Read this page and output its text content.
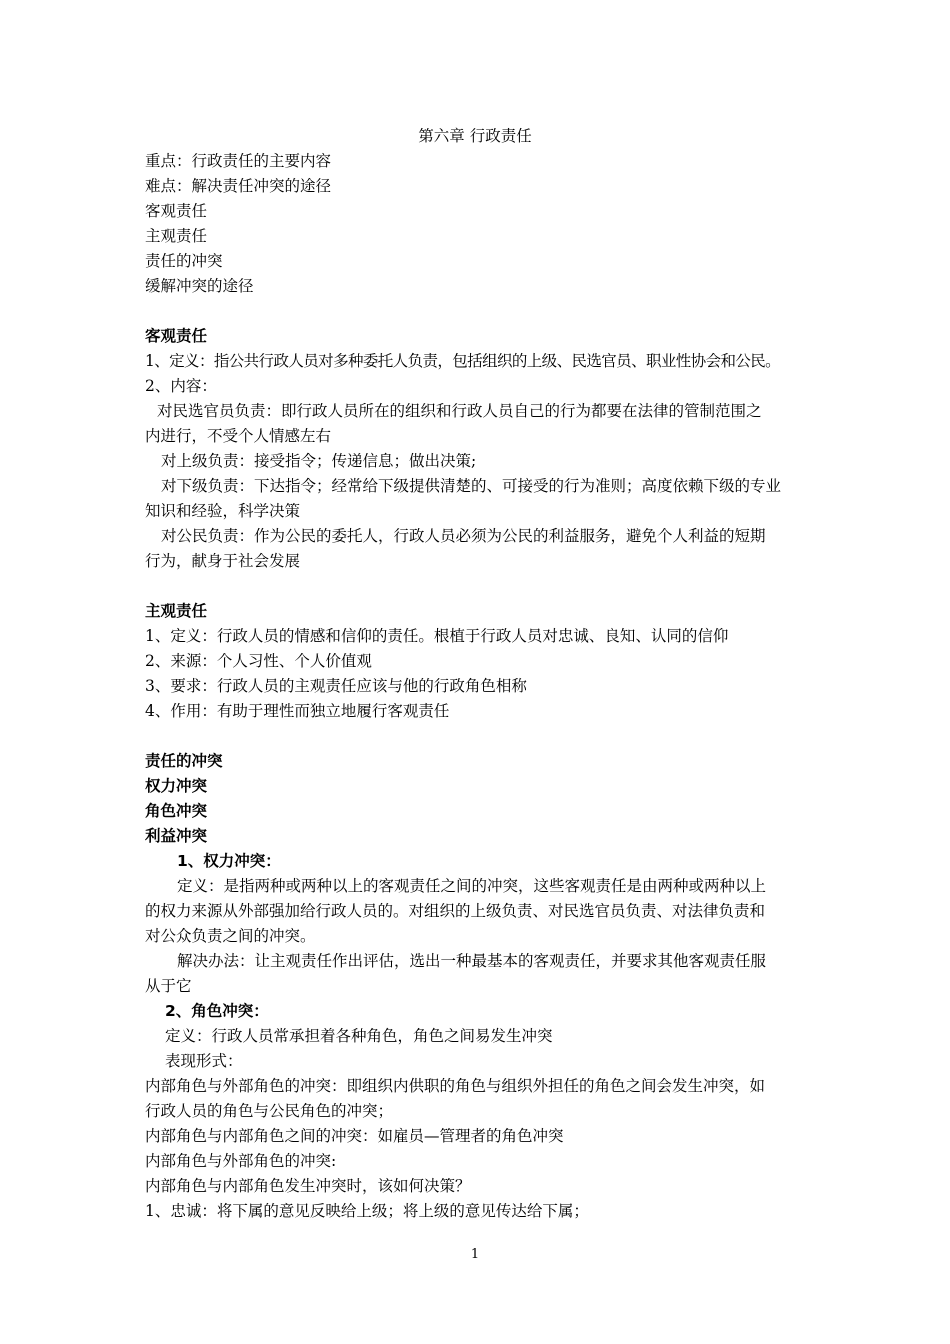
第六章 行政责任
重点：行政责任的主要内容
难点：解决责任冲突的途径
客观责任
主观责任
责任的冲突
缓解冲突的途径
客观责任
1、定义：指公共行政人员对多种委托人负责，包括组织的上级、民选官员、职业性协会和公民。
2、内容：
对民选官员负责：即行政人员所在的组织和行政人员自己的行为都要在法律的管制范围之
内进行，不受个人情感左右
对上级负责：接受指令；传递信息；做出决策;
对下级负责：下达指令；经常给下级提供清楚的、可接受的行为准则；高度依赖下级的专业
知识和经验，科学决策
对公民负责：作为公民的委托人，行政人员必须为公民的利益服务，避免个人利益的短期
行为，献身于社会发展
主观责任
1、定义：行政人员的情感和信仰的责任。根植于行政人员对忠诚、良知、认同的信仰
2、来源：个人习性、个人价值观
3、要求：行政人员的主观责任应该与他的行政角色相称
4、作用：有助于理性而独立地履行客观责任
责任的冲突
权力冲突
角色冲突
利益冲突
1、权力冲突：
定义：是指两种或两种以上的客观责任之间的冲突，这些客观责任是由两种或两种以上
的权力来源从外部强加给行政人员的。对组织的上级负责、对民选官员负责、对法律负责和
对公众负责之间的冲突。
解决办法：让主观责任作出评估，选出一种最基本的客观责任，并要求其他客观责任服
从于它
2、角色冲突：
定义：行政人员常承担着各种角色，角色之间易发生冲突
表现形式：
内部角色与外部角色的冲突：即组织内供职的角色与组织外担任的角色之间会发生冲突，如
行政人员的角色与公民角色的冲突；
内部角色与内部角色之间的冲突：如雇员—管理者的角色冲突
内部角色与外部角色的冲突:
内部角色与内部角色发生冲突时，该如何决策？
1、忠诚：将下属的意见反映给上级；将上级的意见传达给下属；
1
